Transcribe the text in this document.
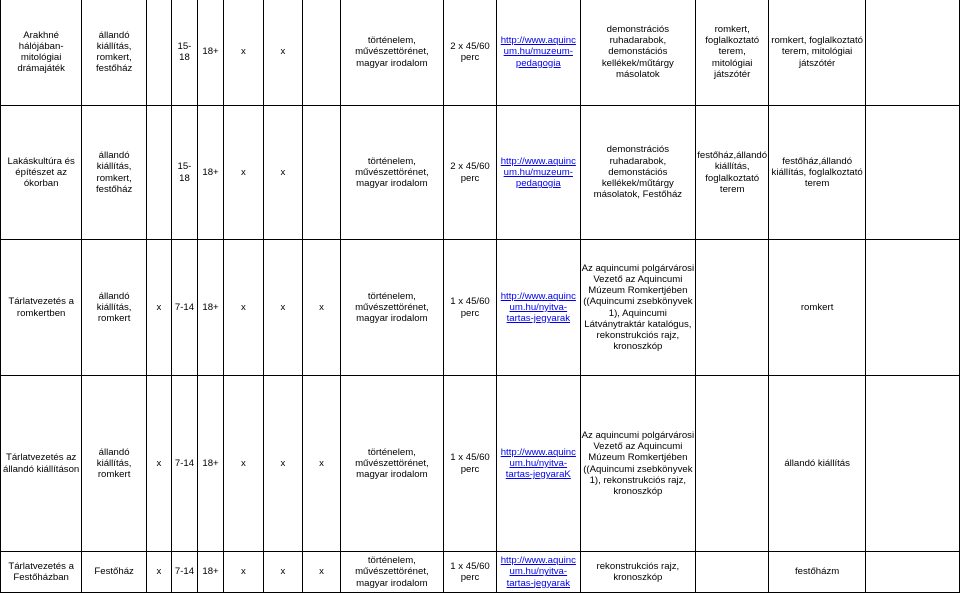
Arakhné hálójában-mitológiai drámajáték	állandó kiállítás, romkert, festőház		15-18	18+	x	x		történelem, művészettörénet, magyar irodalom	2 x 45/60 perc	http://www.aquincum.hu/muzeum-pedagogia	demonstrációs ruhadarabok, demonstációs kellékek/műtárgy másolatok	romkert, foglalkoztató terem, mitológiai játszótér	romkert, foglalkoztató terem, mitológiai játszótér	
Lakáskultúra és építészet az ókorban	állandó kiállítás, romkert, festőház		15-18	18+	x	x		történelem, művészettörénet, magyar irodalom	2 x 45/60 perc	http://www.aquincum.hu/muzeum-pedagogia	demonstrációs ruhadarabok, demonstációs kellékek/műtárgy másolatok, Festőház	festőház,állandó kiállítás, foglalkoztató terem	festőház,állandó kiállítás, foglalkoztató terem	
Tárlatvezetés a romkertben	állandó kiállítás, romkert	x	7-14	18+	x	x	x	történelem, művészettörénet, magyar irodalom	1 x 45/60 perc	http://www.aquincum.hu/nyitva-tartas-jegyarak	Az aquincumi polgárvárosi Vezető az Aquincumi Múzeum Romkertjében ((Aquincumi zsebkönyvek 1), Aquincumi Látványtraktár katalógus, rekonstrukciós rajz, kronoszkóp		romkert	
Tárlatvezetés az állandó kiállításon	állandó kiállítás, romkert	x	7-14	18+	x	x	x	történelem, művészettörénet, magyar irodalom	1 x 45/60 perc	http://www.aquincum.hu/nyitva-tartas-jegyaraK	Az aquincumi polgárvárosi Vezető az Aquincumi Múzeum Romkertjében ((Aquincumi zsebkönyvek 1), rekonstrukciós rajz, kronoszkóp		állandó kiállítás	
Tárlatvezetés a Festőházban	Festőház	x	7-14	18+	x	x	x	történelem, művészettörénet, magyar irodalom	1 x 45/60 perc	http://www.aquincum.hu/nyitva-tartas-jegyarak	rekonstrukciós rajz, kronoszkóp		festőházm	
